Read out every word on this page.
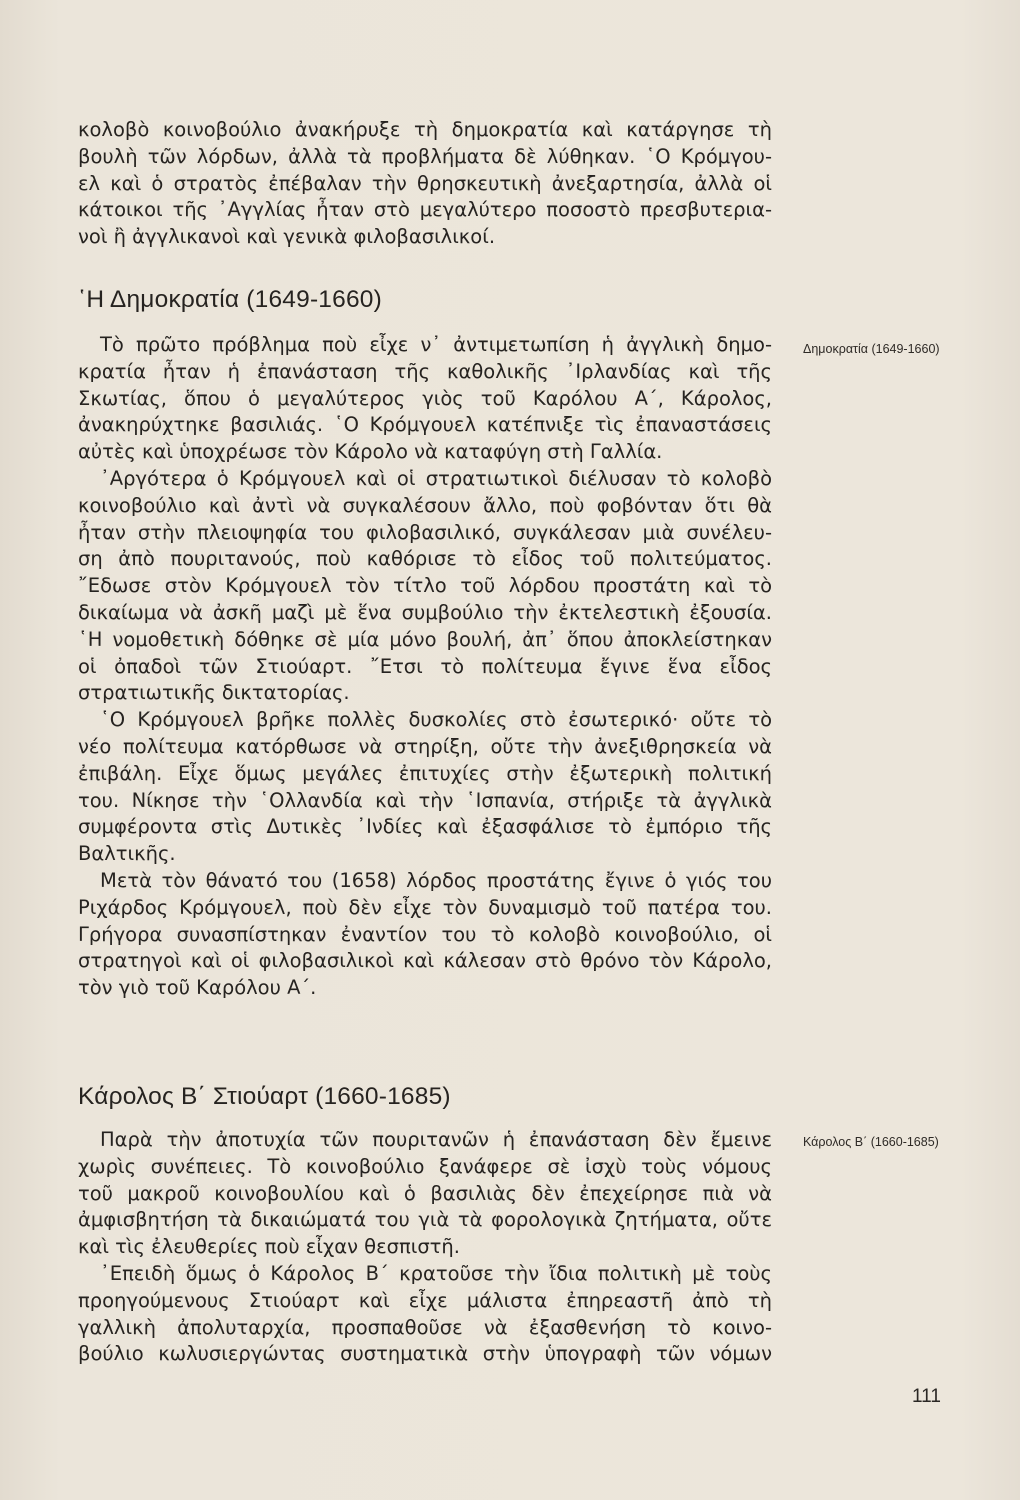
κολοβὸ κοινοβούλιο ἀνακήρυξε τὴ δημοκρατία καὶ κατάργησε τὴ
βουλὴ τῶν λόρδων, ἀλλὰ τὰ προβλήματα δὲ λύθηκαν. ῾Ο Κρόμγου-
ελ καὶ ὁ στρατὸς ἐπέβαλαν τὴν θρησκευτικὴ ἀνεξαρτησία, ἀλλὰ οἱ
κάτοικοι τῆς ᾿Αγγλίας ἦταν στὸ μεγαλύτερο ποσοστὸ πρεσβυτερια-
νοὶ ἢ ἀγγλικανοὶ καὶ γενικὰ φιλοβασιλικοί.

῾Η Δημοκρατία (1649-1660)
Δημοκρατία (1649-1660)

Τὸ πρῶτο πρόβλημα ποὺ εἶχε ν᾿ ἀντιμετωπίση ἡ ἀγγλικὴ δημο-
κρατία ἦταν ἡ ἐπανάσταση τῆς καθολικῆς ᾿Ιρλανδίας καὶ τῆς
Σκωτίας, ὅπου ὁ μεγαλύτερος γιὸς τοῦ Καρόλου Α΄, Κάρολος,
ἀνακηρύχτηκε βασιλιάς. ῾Ο Κρόμγουελ κατέπνιξε τὶς ἐπαναστάσεις
αὐτὲς καὶ ὑποχρέωσε τὸν Κάρολο νὰ καταφύγη στὴ Γαλλία.
᾿Αργότερα ὁ Κρόμγουελ καὶ οἱ στρατιωτικοὶ διέλυσαν τὸ κολοβὸ
κοινοβούλιο καὶ ἀντὶ νὰ συγκαλέσουν ἄλλο, ποὺ φοβόνταν ὅτι θὰ
ἦταν στὴν πλειοψηφία του φιλοβασιλικό, συγκάλεσαν μιὰ συνέλευ-
ση ἀπὸ πουριτανούς, ποὺ καθόρισε τὸ εἶδος τοῦ πολιτεύματος.
῎Εδωσε στὸν Κρόμγουελ τὸν τίτλο τοῦ λόρδου προστάτη καὶ τὸ
δικαίωμα νὰ ἀσκῆ μαζὶ μὲ ἕνα συμβούλιο τὴν ἐκτελεστικὴ ἐξουσία.
῾Η νομοθετικὴ δόθηκε σὲ μία μόνο βουλή, ἀπ᾿ ὅπου ἀποκλείστηκαν
οἱ ὀπαδοὶ τῶν Στιούαρτ. ῎Ετσι τὸ πολίτευμα ἔγινε ἕνα εἶδος
στρατιωτικῆς δικτατορίας.
῾Ο Κρόμγουελ βρῆκε πολλὲς δυσκολίες στὸ ἐσωτερικό· οὔτε τὸ
νέο πολίτευμα κατόρθωσε νὰ στηρίξη, οὔτε τὴν ἀνεξιθρησκεία νὰ
ἐπιβάλη. Εἶχε ὅμως μεγάλες ἐπιτυχίες στὴν ἐξωτερικὴ πολιτική
του. Νίκησε τὴν ῾Ολλανδία καὶ τὴν ῾Ισπανία, στήριξε τὰ ἀγγλικὰ
συμφέροντα στὶς Δυτικὲς ᾿Ινδίες καὶ ἐξασφάλισε τὸ ἐμπόριο τῆς
Βαλτικῆς.
Μετὰ τὸν θάνατό του (1658) λόρδος προστάτης ἔγινε ὁ γιός του
Ριχάρδος Κρόμγουελ, ποὺ δὲν εἶχε τὸν δυναμισμὸ τοῦ πατέρα του.
Γρήγορα συνασπίστηκαν ἐναντίον του τὸ κολοβὸ κοινοβούλιο, οἱ
στρατηγοὶ καὶ οἱ φιλοβασιλικοὶ καὶ κάλεσαν στὸ θρόνο τὸν Κάρολο,
τὸν γιὸ τοῦ Καρόλου Α΄.

Κάρολος Β΄ Στιούαρτ (1660-1685)
Κάρολος Β΄ (1660-1685)

Παρὰ τὴν ἀποτυχία τῶν πουριτανῶν ἡ ἐπανάσταση δὲν ἔμεινε
χωρὶς συνέπειες. Τὸ κοινοβούλιο ξανάφερε σὲ ἰσχὺ τοὺς νόμους
τοῦ μακροῦ κοινοβουλίου καὶ ὁ βασιλιὰς δὲν ἐπεχείρησε πιὰ νὰ
ἀμφισβητήση τὰ δικαιώματά του γιὰ τὰ φορολογικὰ ζητήματα, οὔτε
καὶ τὶς ἐλευθερίες ποὺ εἶχαν θεσπιστῆ.
᾿Επειδὴ ὅμως ὁ Κάρολος Β΄ κρατοῦσε τὴν ἴδια πολιτικὴ μὲ τοὺς
προηγούμενους Στιούαρτ καὶ εἶχε μάλιστα ἐπηρεαστῆ ἀπὸ τὴ
γαλλικὴ ἀπολυταρχία, προσπαθοῦσε νὰ ἐξασθενήση τὸ κοινο-
βούλιο κωλυσιεργώντας συστηματικὰ στὴν ὑπογραφὴ τῶν νόμων

111
